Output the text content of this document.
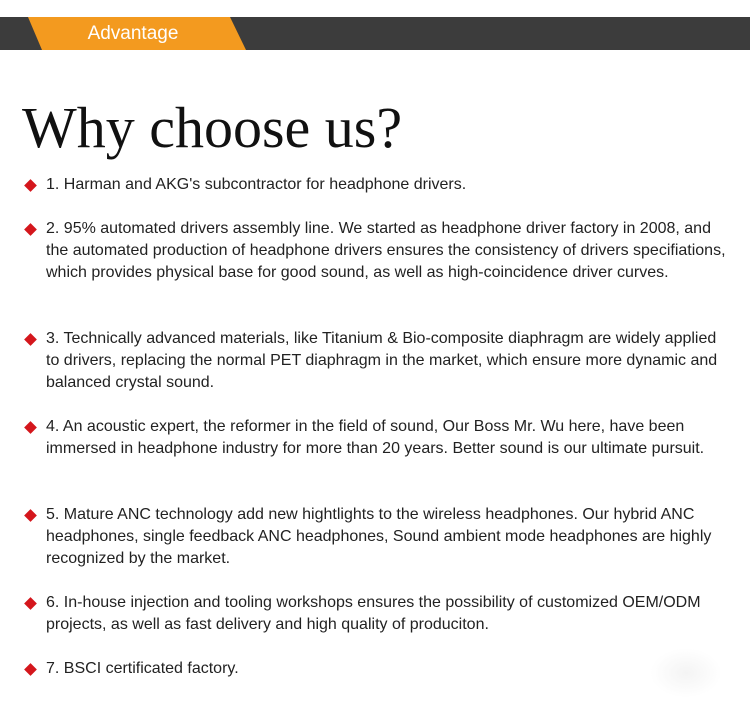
Advantage
Why choose us?
1. Harman and AKG's subcontractor for headphone drivers.
2. 95% automated drivers assembly line. We started as headphone driver factory in 2008, and the automated production of headphone drivers ensures the consistency of drivers specifiations, which provides physical base for good sound, as well as high-coincidence driver curves.
3. Technically advanced materials, like Titanium & Bio-composite diaphragm are widely applied to drivers, replacing the normal PET diaphragm in the market, which ensure more dynamic and balanced crystal sound.
4. An acoustic expert, the reformer in the field of sound, Our Boss Mr. Wu here, have been immersed in headphone industry for more than 20 years. Better sound is our ultimate pursuit.
5. Mature ANC technology add new hightlights to the wireless headphones. Our hybrid ANC headphones, single feedback ANC headphones, Sound ambient mode headphones are highly recognized by the market.
6. In-house injection and tooling workshops ensures the possibility of customized OEM/ODM projects, as well as fast delivery and high quality of produciton.
7. BSCI certificated factory.
